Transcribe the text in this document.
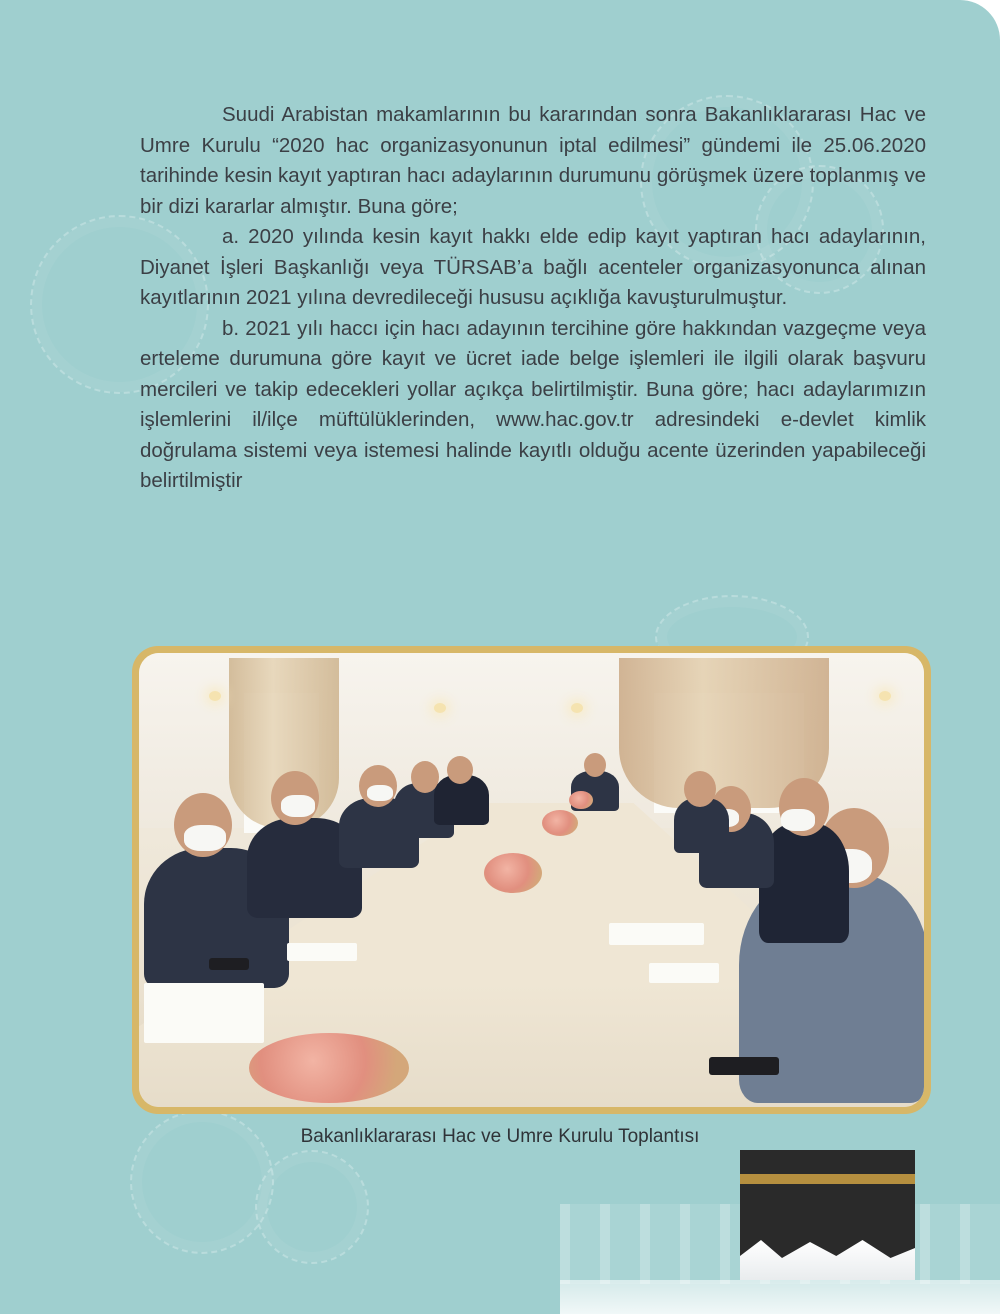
Suudi Arabistan makamlarının bu kararından sonra Bakanlıklararası Hac ve Umre Kurulu “2020 hac organizasyonunun iptal edilmesi” gündemi ile 25.06.2020 tarihinde kesin kayıt yaptıran hacı adaylarının durumunu görüşmek üzere toplanmış ve bir dizi kararlar almıştır. Buna göre;

a. 2020 yılında kesin kayıt hakkı elde edip kayıt yaptıran hacı adaylarının, Diyanet İşleri Başkanlığı veya TÜRSAB’a bağlı acenteler organizasyonunca alınan kayıtlarının 2021 yılına devredileceği hususu açıklığa kavuşturulmuştur.

b. 2021 yılı haccı için hacı adayının tercihine göre hakkından vazgeçme veya erteleme durumuna göre kayıt ve ücret iade belge işlemleri ile ilgili olarak başvuru mercileri ve takip edecekleri yollar açıkça belirtilmiştir. Buna göre; hacı adaylarımızın işlemlerini il/ilçe müftülüklerinden, www.hac.gov.tr adresindeki e-devlet kimlik doğrulama sistemi veya istemesi halinde kayıtlı olduğu acente üzerinden yapabileceği belirtilmiştir

Bakanlıklararası Hac ve Umre Kurulu Toplantısı
